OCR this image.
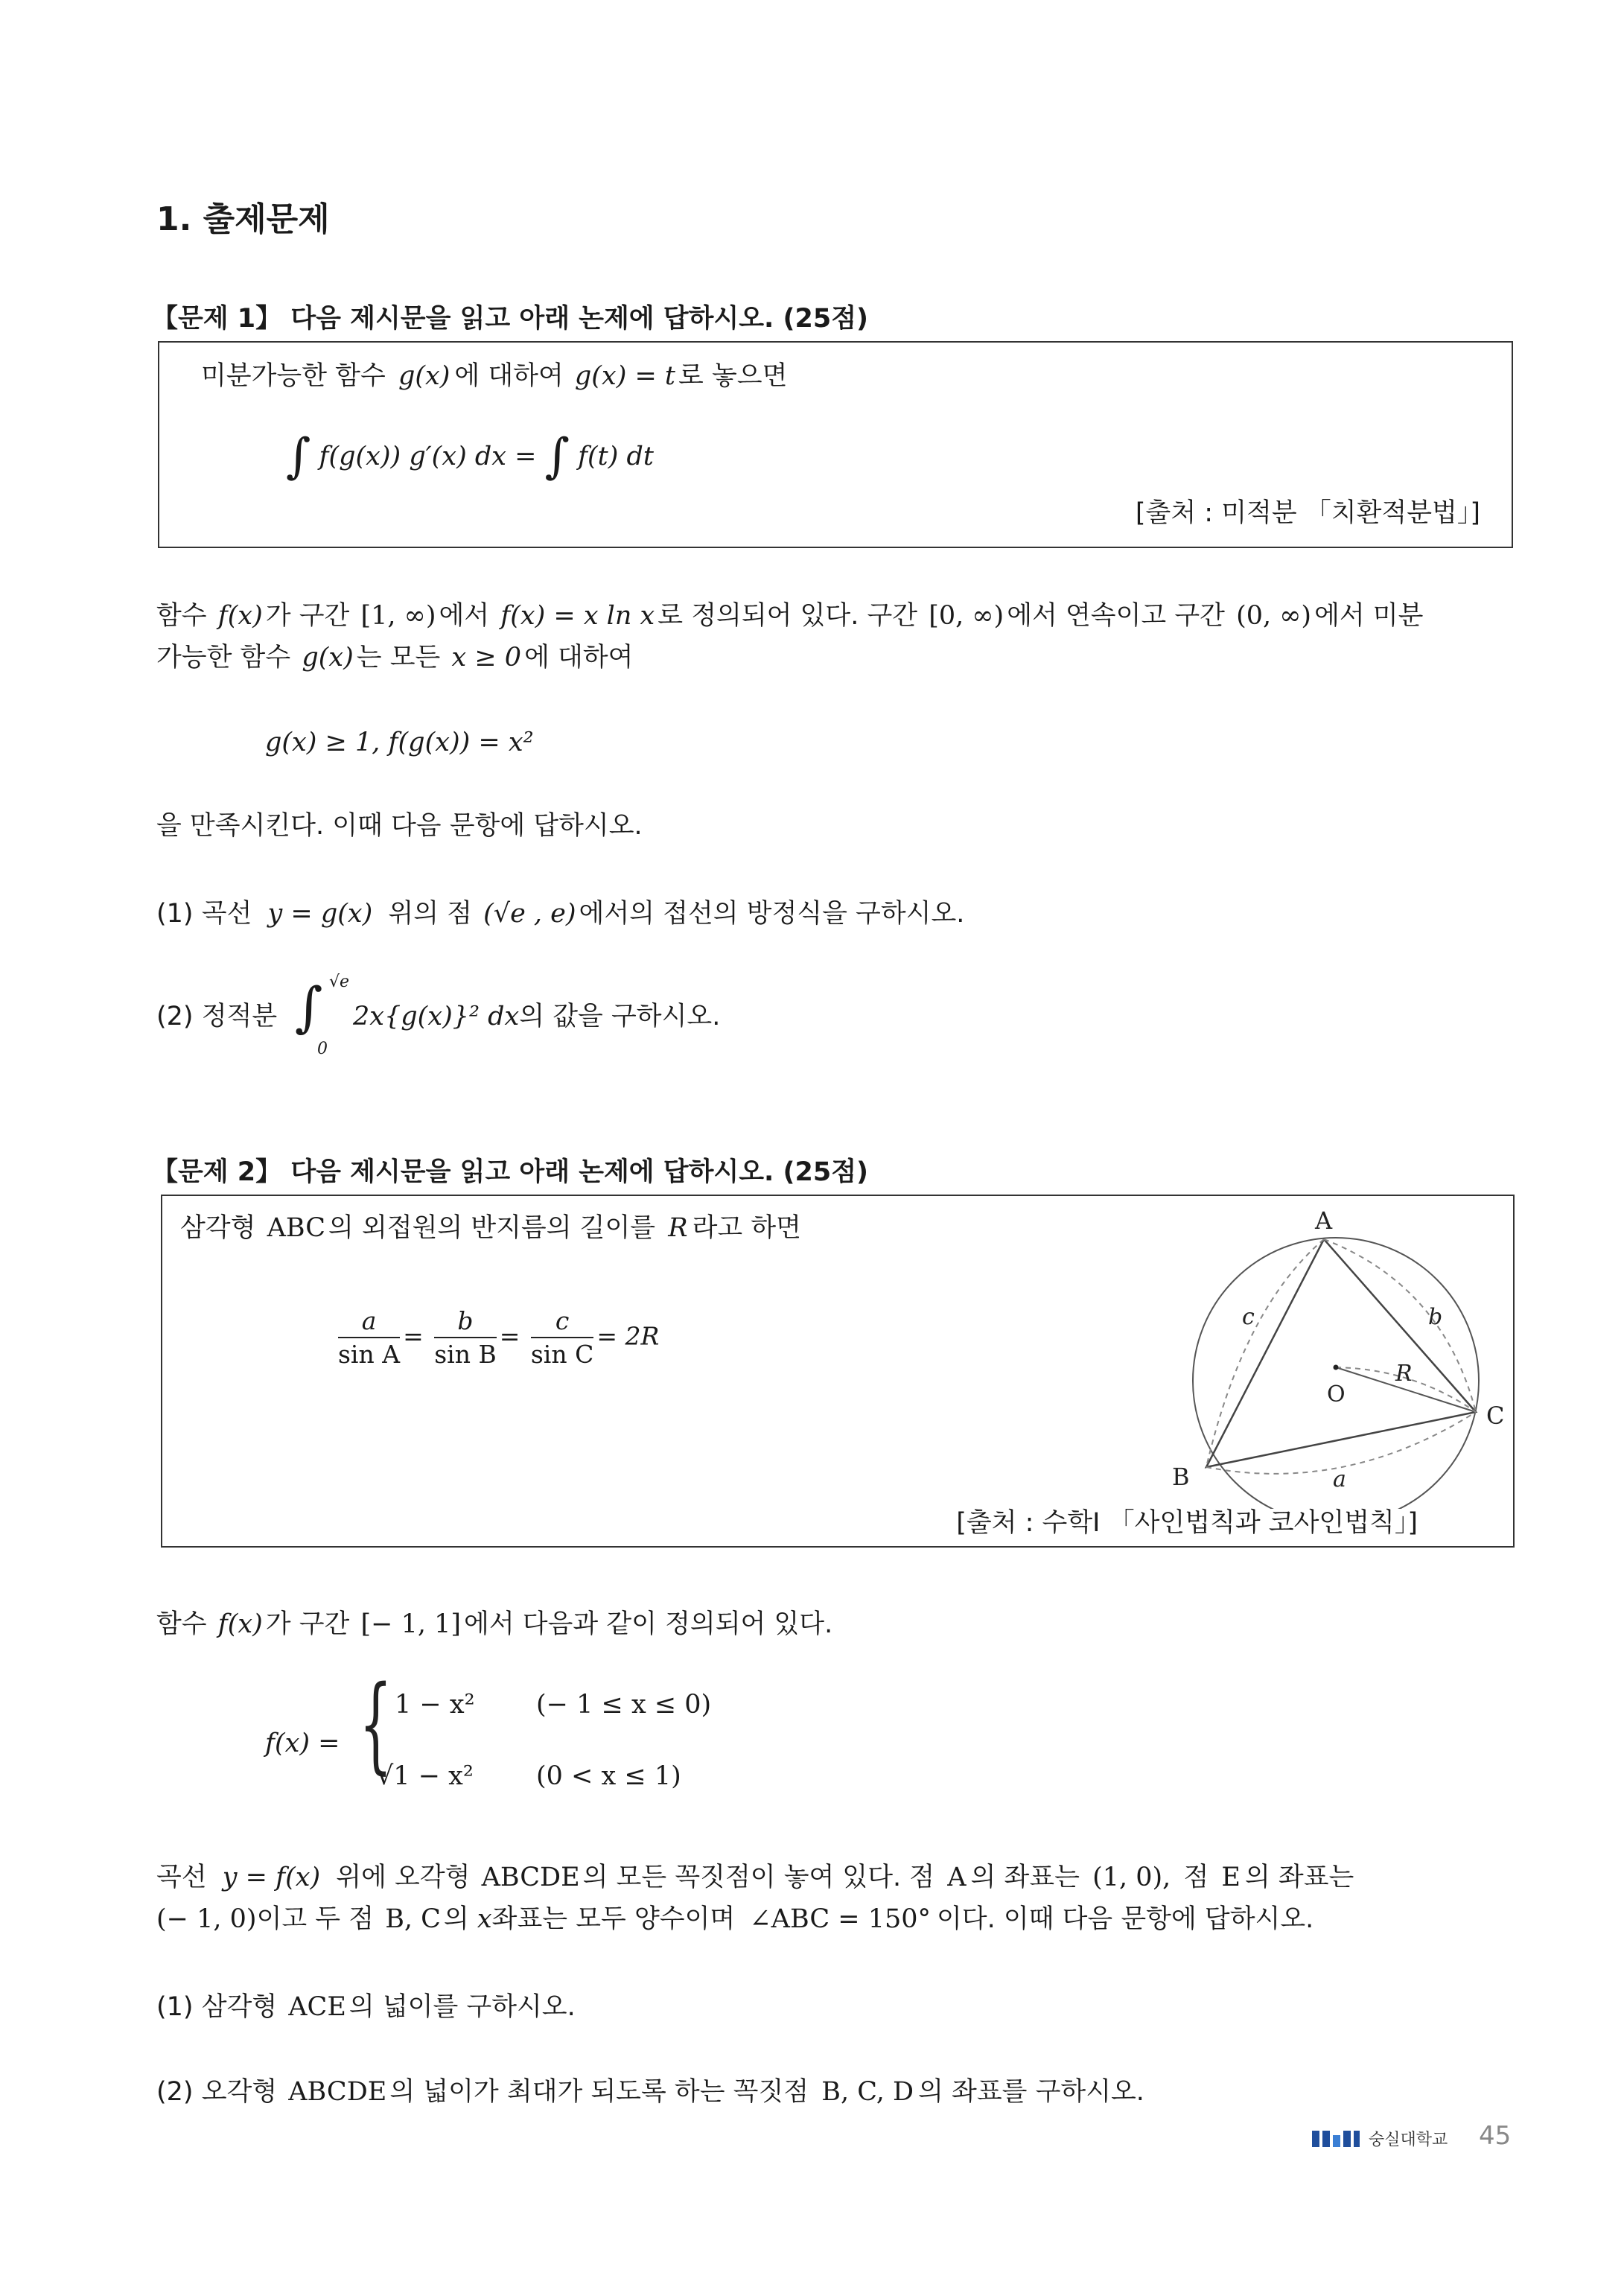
1. 출제문제
【문제 1】 다음 제시문을 읽고 아래 논제에 답하시오. (25점)
미분가능한 함수 g(x) 에 대하여 g(x) = t 로 놓으면
∫ f(g(x)) g′(x) dx = ∫ f(t) dt
[출처 : 미적분 「치환적분법」]
함수 f(x) 가 구간 [1, ∞) 에서 f(x) = x ln x 로 정의되어 있다. 구간 [0, ∞) 에서 연속이고 구간 (0, ∞) 에서 미분
가능한 함수 g(x) 는 모든 x ≥ 0 에 대하여
g(x) ≥ 1, f(g(x)) = x²
을 만족시킨다. 이때 다음 문항에 답하시오.
(1) 곡선 y = g(x) 위의 점 (√e , e) 에서의 접선의 방정식을 구하시오.
(2) 정적분 ∫ √e
0
2x{g(x)}² dx의 값을 구하시오.
【문제 2】 다음 제시문을 읽고 아래 논제에 답하시오. (25점)
삼각형 ABC 의 외접원의 반지름의 길이를 R 라고 하면
$\frac{a}{\text{sin A}} = \frac{b}{\text{sin B}} = \frac{c}{\text{sin C}} = 2R$
A
B
C
O
a
b
c
R
[출처 : 수학Ⅰ 「사인법칙과 코사인법칙」]
함수 f(x) 가 구간 [− 1, 1] 에서 다음과 같이 정의되어 있다.
f(x) = { 1 − x² (− 1 ≤ x ≤ 0)
√1 − x² (0 < x ≤ 1)
곡선 y = f(x) 위에 오각형 ABCDE 의 모든 꼭짓점이 놓여 있다. 점 A 의 좌표는 (1, 0), 점 E 의 좌표는
(− 1, 0)이고 두 점 B, C 의 x좌표는 모두 양수이며 ∠ABC = 150° 이다. 이때 다음 문항에 답하시오.
(1) 삼각형 ACE 의 넓이를 구하시오.
(2) 오각형 ABCDE 의 넓이가 최대가 되도록 하는 꼭짓점 B, C, D 의 좌표를 구하시오.
숭실대학교 45
